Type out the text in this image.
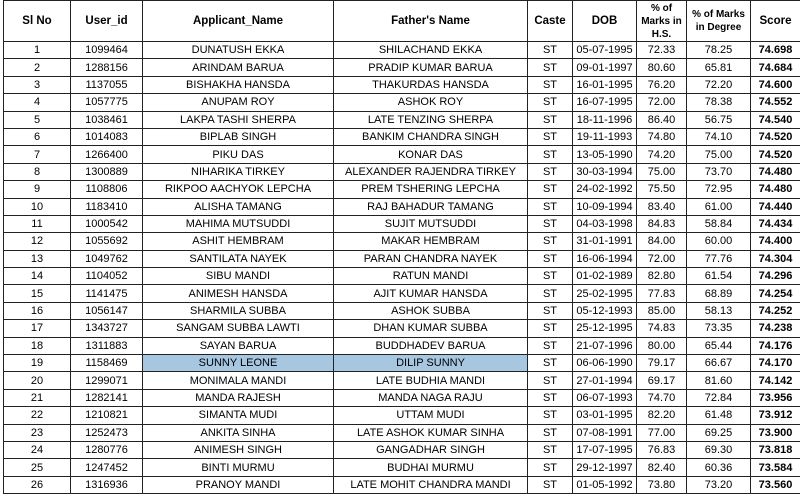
Sl No	User_id	Applicant_Name	Father's Name	Caste	DOB	% of Marks in H.S.	% of Marks in Degree	Score
1	1099464	DUNATUSH EKKA	SHILACHAND EKKA	ST	05-07-1995	72.33	78.25	74.698
2	1288156	ARINDAM BARUA	PRADIP KUMAR BARUA	ST	09-01-1997	80.60	65.81	74.684
3	1137055	BISHAKHA HANSDA	THAKURDAS HANSDA	ST	16-01-1995	76.20	72.20	74.600
4	1057775	ANUPAM ROY	ASHOK ROY	ST	16-07-1995	72.00	78.38	74.552
5	1038461	LAKPA TASHI SHERPA	LATE TENZING SHERPA	ST	18-11-1996	86.40	56.75	74.540
6	1014083	BIPLAB SINGH	BANKIM CHANDRA SINGH	ST	19-11-1993	74.80	74.10	74.520
7	1266400	PIKU DAS	KONAR DAS	ST	13-05-1990	74.20	75.00	74.520
8	1300889	NIHARIKA TIRKEY	ALEXANDER RAJENDRA TIRKEY	ST	30-03-1994	75.00	73.70	74.480
9	1108806	RIKPOO AACHYOK LEPCHA	PREM TSHERING LEPCHA	ST	24-02-1992	75.50	72.95	74.480
10	1183410	ALISHA TAMANG	RAJ BAHADUR TAMANG	ST	10-09-1994	83.40	61.00	74.440
11	1000542	MAHIMA MUTSUDDI	SUJIT MUTSUDDI	ST	04-03-1998	84.83	58.84	74.434
12	1055692	ASHIT HEMBRAM	MAKAR HEMBRAM	ST	31-01-1991	84.00	60.00	74.400
13	1049762	SANTILATA NAYEK	PARAN CHANDRA NAYEK	ST	16-06-1994	72.00	77.76	74.304
14	1104052	SIBU MANDI	RATUN MANDI	ST	01-02-1989	82.80	61.54	74.296
15	1141475	ANIMESH HANSDA	AJIT KUMAR HANSDA	ST	25-02-1995	77.83	68.89	74.254
16	1056147	SHARMILA SUBBA	ASHOK SUBBA	ST	05-12-1993	85.00	58.13	74.252
17	1343727	SANGAM SUBBA LAWTI	DHAN KUMAR SUBBA	ST	25-12-1995	74.83	73.35	74.238
18	1311883	SAYAN BARUA	BUDDHADEV BARUA	ST	21-07-1996	80.00	65.44	74.176
19	1158469	SUNNY LEONE	DILIP SUNNY	ST	06-06-1990	79.17	66.67	74.170
20	1299071	MONIMALA MANDI	LATE BUDHIA MANDI	ST	27-01-1994	69.17	81.60	74.142
21	1282141	MANDA RAJESH	MANDA NAGA RAJU	ST	06-07-1993	74.70	72.84	73.956
22	1210821	SIMANTA MUDI	UTTAM MUDI	ST	03-01-1995	82.20	61.48	73.912
23	1252473	ANKITA SINHA	LATE ASHOK KUMAR SINHA	ST	07-08-1991	77.00	69.25	73.900
24	1280776	ANIMESH SINGH	GANGADHAR SINGH	ST	17-07-1995	76.83	69.30	73.818
25	1247452	BINTI MURMU	BUDHAI MURMU	ST	29-12-1997	82.40	60.36	73.584
26	1316936	PRANOY MANDI	LATE MOHIT CHANDRA MANDI	ST	01-05-1992	73.80	73.20	73.560
